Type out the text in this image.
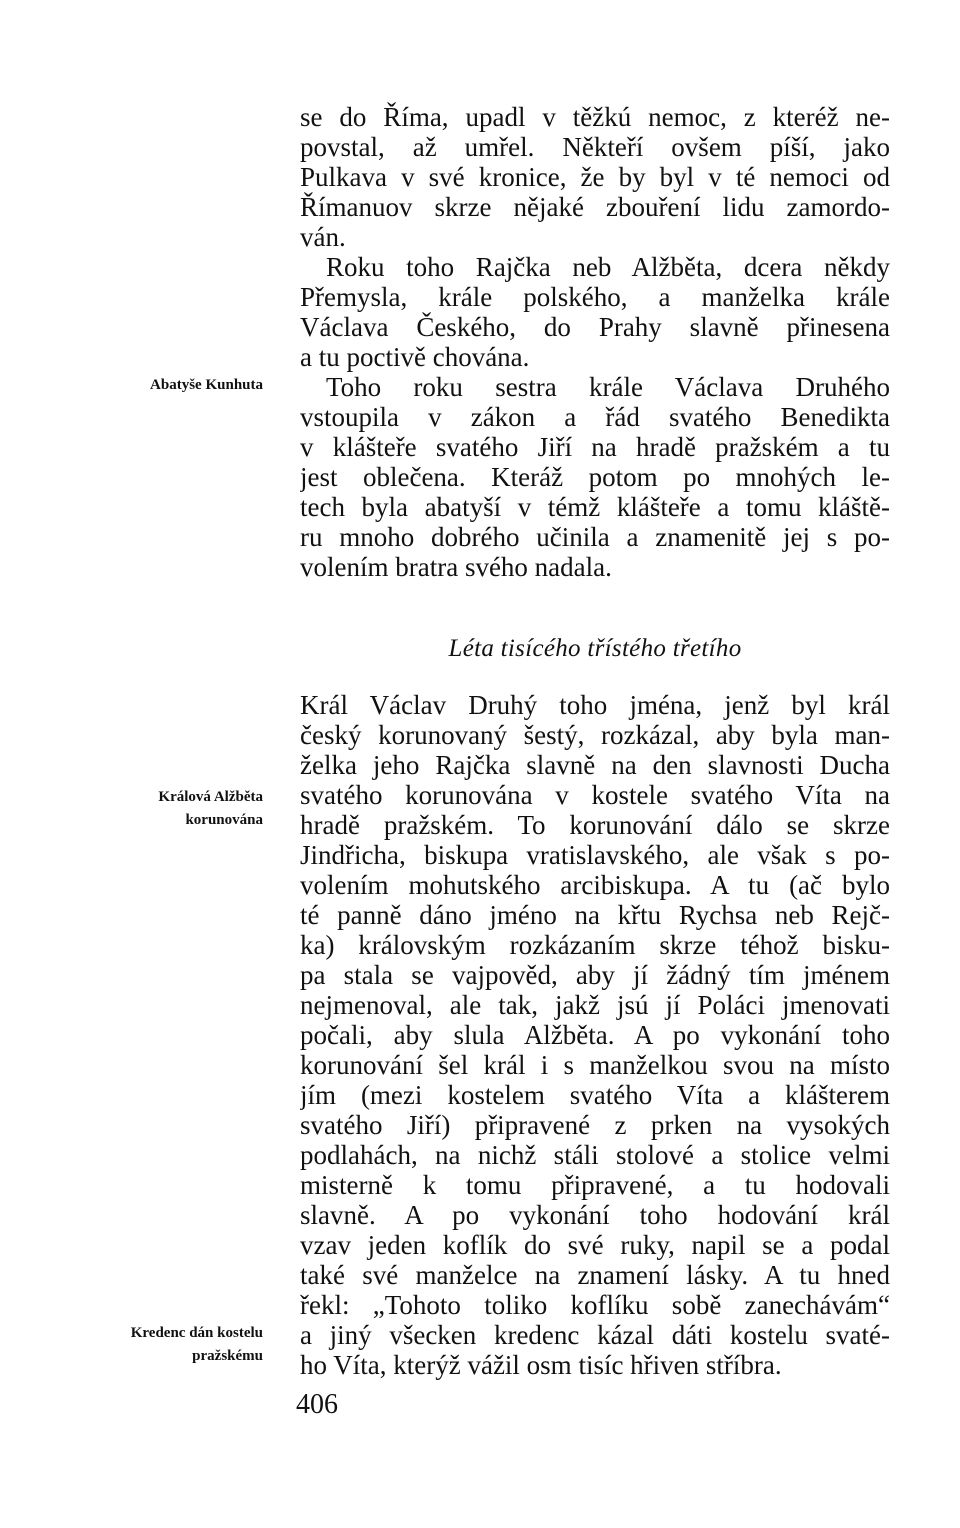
se do Říma, upadl v těžkú nemoc, z kteréž ne-
povstal, až umřel. Někteří ovšem píší, jako
Pulkava v své kronice, že by byl v té nemoci od
Římanuov skrze nějaké zbouření lidu zamordo-
ván.
Roku toho Rajčka neb Alžběta, dcera někdy
Přemysla, krále polského, a manželka krále
Václava Českého, do Prahy slavně přinesena
a tu poctivě chována.
Abatyše Kunhuta	Toho roku sestra krále Václava Druhého
vstoupila v zákon a řád svatého Benedikta
v klášteře svatého Jiří na hradě pražském a tu
jest oblečena. Kteráž potom po mnohých le-
tech byla abatyší v témž klášteře a tomu kláště-
ru mnoho dobrého učinila a znamenitě jej s po-
volením bratra svého nadala.
Léta tisícého třístého třetího
Králová Alžběta
korunována
Král Václav Druhý toho jména, jenž byl král
český korunovaný šestý, rozkázal, aby byla man-
želka jeho Rajčka slavně na den slavnosti Ducha
svatého korunována v kostele svatého Víta na
hradě pražském. To korunování dálo se skrze
Jindřicha, biskupa vratislavského, ale však s po-
volením mohutského arcibiskupa. A tu (ač bylo
té panně dáno jméno na křtu Rychsa neb Rejč-
ka) královským rozkázaním skrze téhož bisku-
pa stala se vajpověd, aby jí žádný tím jménem
nejmenoval, ale tak, jakž jsú jí Poláci jmenovati
počali, aby slula Alžběta. A po vykonání toho
korunování šel král i s manželkou svou na místo
jím (mezi kostelem svatého Víta a klášterem
svatého Jiří) připravené z prken na vysokých
podlahách, na nichž stáli stolové a stolice velmi
misterně k tomu připravené, a tu hodovali
slavně. A po vykonání toho hodování král
vzav jeden koflík do své ruky, napil se a podal
také své manželce na znamení lásky. A tu hned
řekl: „Tohoto toliko koflíku sobě zanechávám“
a jiný všecken kredenc kázal dáti kostelu svaté-
ho Víta, kterýž vážil osm tisíc hřiven stříbra.
Kredenc dán kostelu
pražskému
406
